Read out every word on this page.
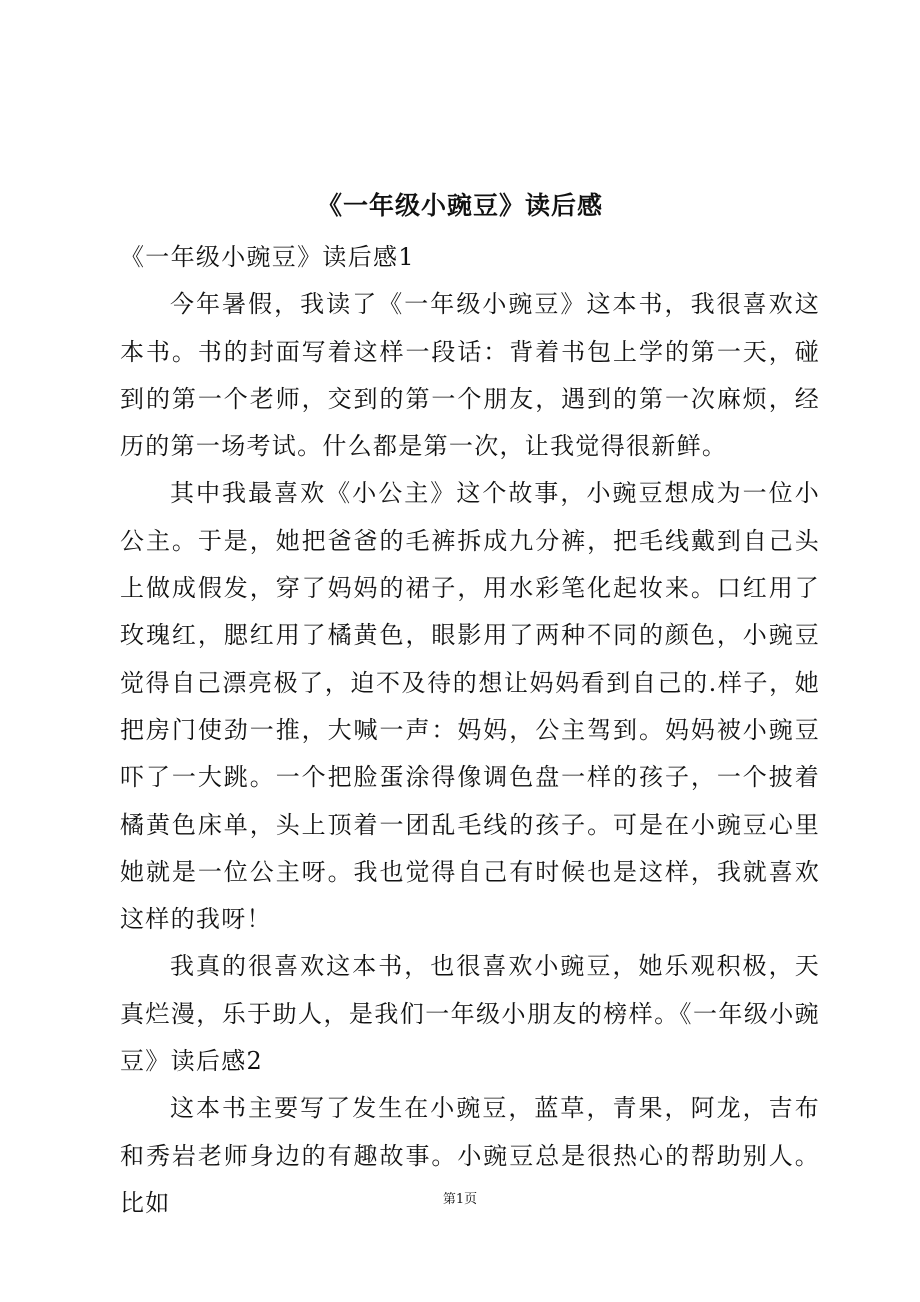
《一年级小豌豆》读后感

《一年级小豌豆》读后感1

今年暑假，我读了《一年级小豌豆》这本书，我很喜欢这本书。书的封面写着这样一段话：背着书包上学的第一天，碰到的第一个老师，交到的第一个朋友，遇到的第一次麻烦，经历的第一场考试。什么都是第一次，让我觉得很新鲜。

其中我最喜欢《小公主》这个故事，小豌豆想成为一位小公主。于是，她把爸爸的毛裤拆成九分裤，把毛线戴到自己头上做成假发，穿了妈妈的裙子，用水彩笔化起妆来。口红用了玫瑰红，腮红用了橘黄色，眼影用了两种不同的颜色，小豌豆觉得自己漂亮极了，迫不及待的想让妈妈看到自己的.样子，她把房门使劲一推，大喊一声：妈妈，公主驾到。妈妈被小豌豆吓了一大跳。一个把脸蛋涂得像调色盘一样的孩子，一个披着橘黄色床单，头上顶着一团乱毛线的孩子。可是在小豌豆心里她就是一位公主呀。我也觉得自己有时候也是这样，我就喜欢这样的我呀！

我真的很喜欢这本书，也很喜欢小豌豆，她乐观积极，天真烂漫，乐于助人，是我们一年级小朋友的榜样。《一年级小豌豆》读后感2

这本书主要写了发生在小豌豆，蓝草，青果，阿龙，吉布和秀岩老师身边的有趣故事。小豌豆总是很热心的帮助别人。比如	第1页
